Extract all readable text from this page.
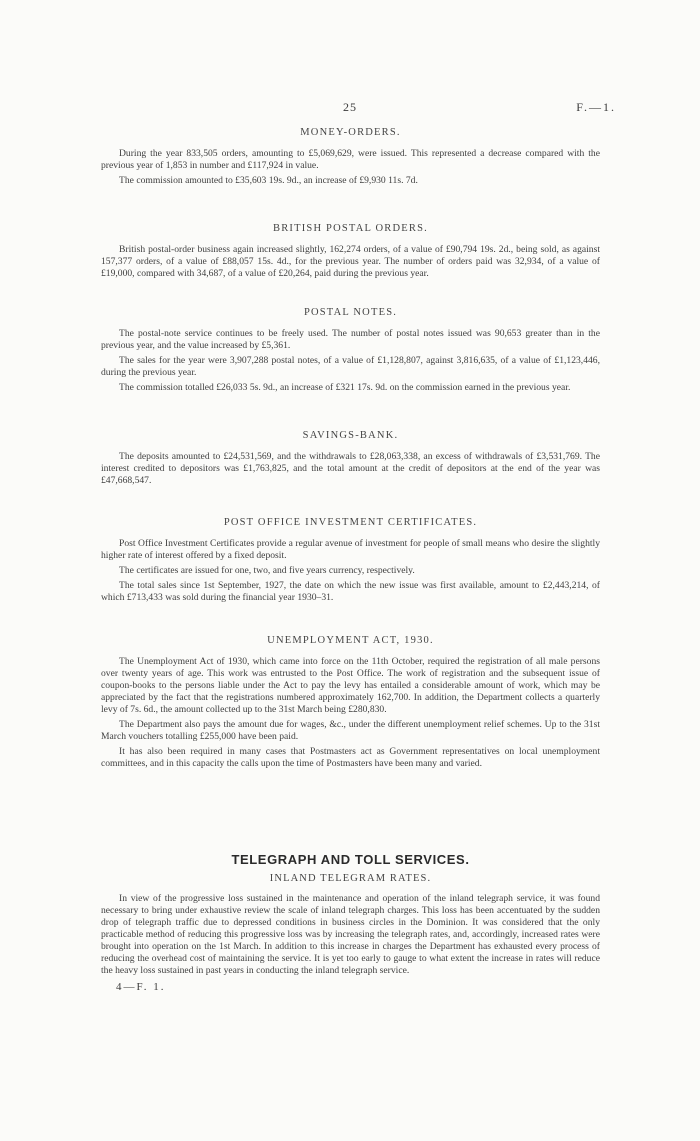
25	F.—1.
MONEY-ORDERS.

During the year 833,505 orders, amounting to £5,069,629, were issued. This represented a decrease compared with the previous year of 1,853 in number and £117,924 in value.

The commission amounted to £35,603 19s. 9d., an increase of £9,930 11s. 7d.

BRITISH POSTAL ORDERS.

British postal-order business again increased slightly, 162,274 orders, of a value of £90,794 19s. 2d., being sold, as against 157,377 orders, of a value of £88,057 15s. 4d., for the previous year. The number of orders paid was 32,934, of a value of £19,000, compared with 34,687, of a value of £20,264, paid during the previous year.

POSTAL NOTES.

The postal-note service continues to be freely used. The number of postal notes issued was 90,653 greater than in the previous year, and the value increased by £5,361.

The sales for the year were 3,907,288 postal notes, of a value of £1,128,807, against 3,816,635, of a value of £1,123,446, during the previous year.

The commission totalled £26,033 5s. 9d., an increase of £321 17s. 9d. on the commission earned in the previous year.

SAVINGS-BANK.

The deposits amounted to £24,531,569, and the withdrawals to £28,063,338, an excess of withdrawals of £3,531,769. The interest credited to depositors was £1,763,825, and the total amount at the credit of depositors at the end of the year was £47,668,547.

POST OFFICE INVESTMENT CERTIFICATES.

Post Office Investment Certificates provide a regular avenue of investment for people of small means who desire the slightly higher rate of interest offered by a fixed deposit.

The certificates are issued for one, two, and five years currency, respectively.

The total sales since 1st September, 1927, the date on which the new issue was first available, amount to £2,443,214, of which £713,433 was sold during the financial year 1930–31.

UNEMPLOYMENT ACT, 1930.

The Unemployment Act of 1930, which came into force on the 11th October, required the registration of all male persons over twenty years of age. This work was entrusted to the Post Office. The work of registration and the subsequent issue of coupon-books to the persons liable under the Act to pay the levy has entailed a considerable amount of work, which may be appreciated by the fact that the registrations numbered approximately 162,700. In addition, the Department collects a quarterly levy of 7s. 6d., the amount collected up to the 31st March being £280,830.

The Department also pays the amount due for wages, &c., under the different unemployment relief schemes. Up to the 31st March vouchers totalling £255,000 have been paid.

It has also been required in many cases that Postmasters act as Government representatives on local unemployment committees, and in this capacity the calls upon the time of Postmasters have been many and varied.

TELEGRAPH AND TOLL SERVICES.
INLAND TELEGRAM RATES.

In view of the progressive loss sustained in the maintenance and operation of the inland telegraph service, it was found necessary to bring under exhaustive review the scale of inland telegraph charges. This loss has been accentuated by the sudden drop of telegraph traffic due to depressed conditions in business circles in the Dominion. It was considered that the only practicable method of reducing this progressive loss was by increasing the telegraph rates, and, accordingly, increased rates were brought into operation on the 1st March. In addition to this increase in charges the Department has exhausted every process of reducing the overhead cost of maintaining the service. It is yet too early to gauge to what extent the increase in rates will reduce the heavy loss sustained in past years in conducting the inland telegraph service.

4—F. 1.
